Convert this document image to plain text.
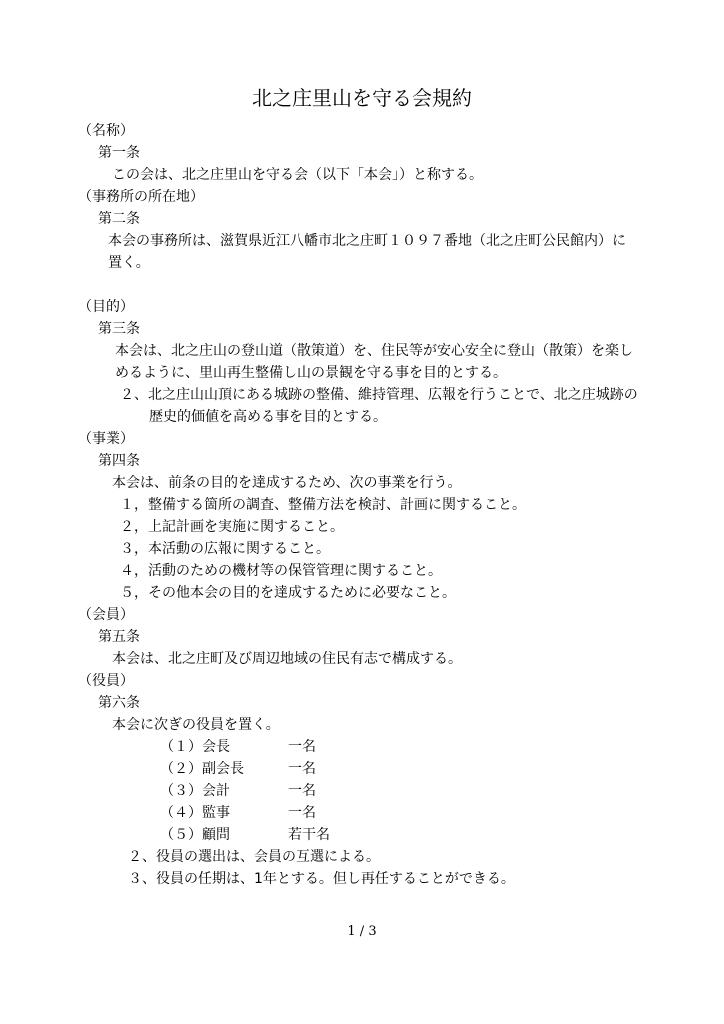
北之庄里山を守る会規約
（名称）
第一条
この会は、北之庄里山を守る会（以下「本会」）と称する。
（事務所の所在地）
第二条
本会の事務所は、滋賀県近江八幡市北之庄町１０９７番地（北之庄町公民館内）に
置く。
（目的）
第三条
本会は、北之庄山の登山道（散策道）を、住民等が安心安全に登山（散策）を楽し
めるように、里山再生整備し山の景観を守る事を目的とする。
２、北之庄山山頂にある城跡の整備、維持管理、広報を行うことで、北之庄城跡の
歴史的価値を高める事を目的とする。
（事業）
第四条
本会は、前条の目的を達成するため、次の事業を行う。
１，整備する箇所の調査、整備方法を検討、計画に関すること。
２，上記計画を実施に関すること。
３，本活動の広報に関すること。
４，活動のための機材等の保管管理に関すること。
５，その他本会の目的を達成するために必要なこと。
（会員）
第五条
本会は、北之庄町及び周辺地域の住民有志で構成する。
（役員）
第六条
本会に次ぎの役員を置く。
（１）会長	一名
（２）副会長	一名
（３）会計	一名
（４）監事	一名
（５）顧問	若干名
２、役員の選出は、会員の互選による。
３、役員の任期は、1年とする。但し再任することができる。
1 / 3
